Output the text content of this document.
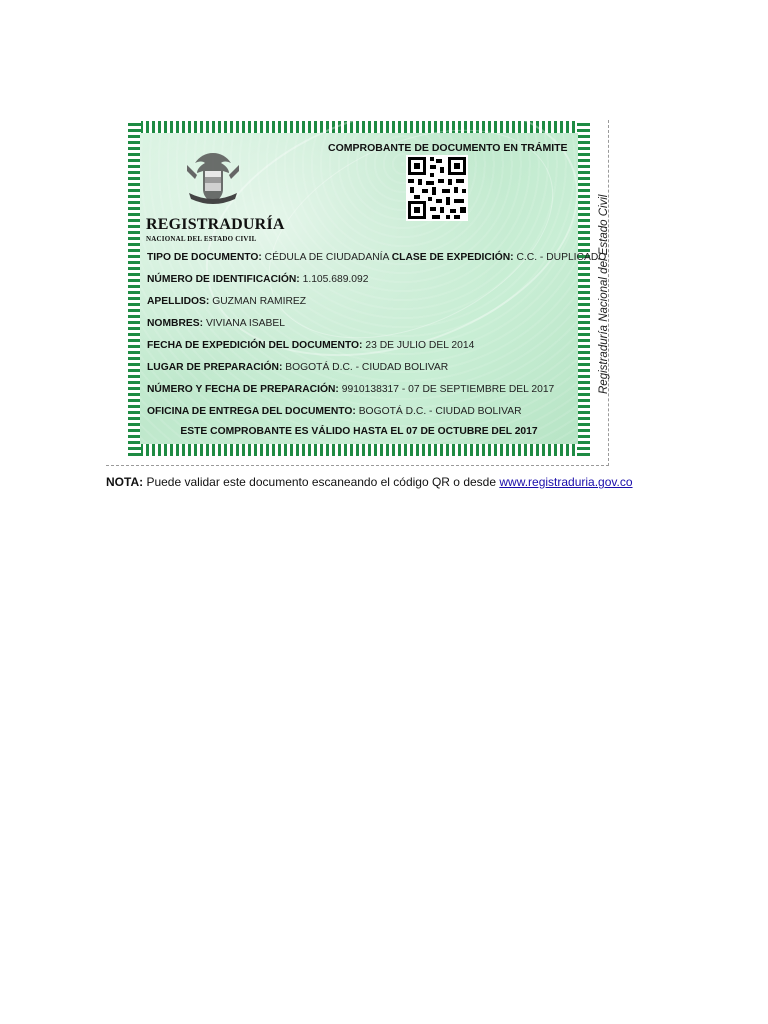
Registraduría Nacional del Estado Civil
REGISTRADURÍA
NACIONAL DEL ESTADO CIVIL
COMPROBANTE DE DOCUMENTO EN TRÁMITE
TIPO DE DOCUMENTO: CÉDULA DE CIUDADANÍA CLASE DE EXPEDICIÓN: C.C. - DUPLICADO
NÚMERO DE IDENTIFICACIÓN: 1.105.689.092
APELLIDOS: GUZMAN RAMIREZ
NOMBRES: VIVIANA ISABEL
FECHA DE EXPEDICIÓN DEL DOCUMENTO: 23 DE JULIO DEL 2014
LUGAR DE PREPARACIÓN: BOGOTÁ D.C. - CIUDAD BOLIVAR
NÚMERO Y FECHA DE PREPARACIÓN: 9910138317 - 07 DE SEPTIEMBRE DEL 2017
OFICINA DE ENTREGA DEL DOCUMENTO: BOGOTÁ D.C. - CIUDAD BOLIVAR
ESTE COMPROBANTE ES VÁLIDO HASTA EL 07 DE OCTUBRE DEL 2017
NOTA: Puede validar este documento escaneando el código QR o desde www.registraduria.gov.co
